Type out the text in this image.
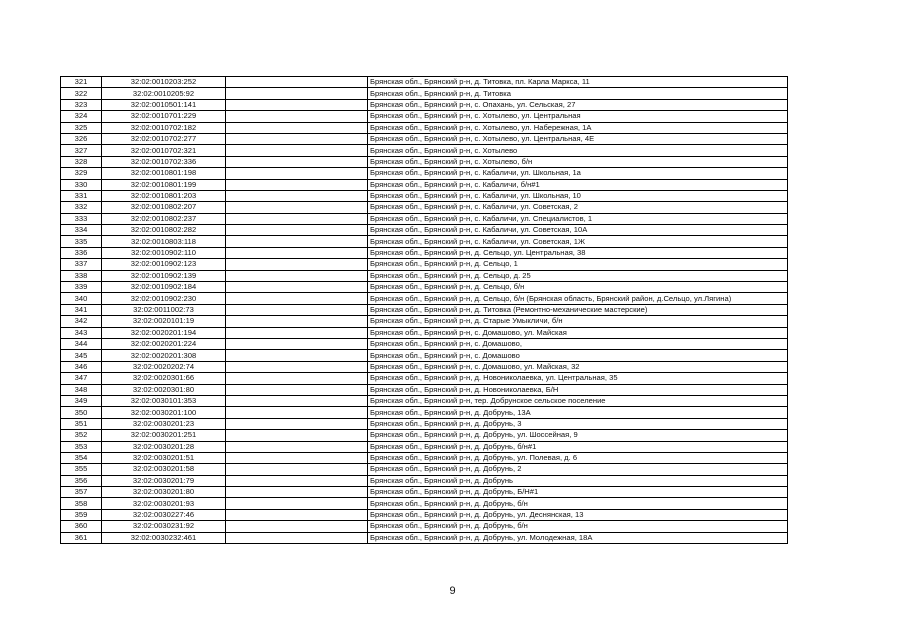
321	32:02:0010203:252		Брянская обл., Брянский р-н, д. Титовка, пл. Карла Маркса, 11
322	32:02:0010205:92		Брянская обл., Брянский р-н, д. Титовка
323	32:02:0010501:141		Брянская обл., Брянский р-н, с. Опахань, ул. Сельская, 27
324	32:02:0010701:229		Брянская обл., Брянский р-н, с. Хотылево, ул. Центральная
325	32:02:0010702:182		Брянская обл., Брянский р-н, с. Хотылево, ул. Набережная, 1А
326	32:02:0010702:277		Брянская обл., Брянский р-н, с. Хотылево, ул. Центральная, 4Е
327	32:02:0010702:321		Брянская обл., Брянский р-н, с. Хотылево
328	32:02:0010702:336		Брянская обл., Брянский р-н, с. Хотылево, б/н
329	32:02:0010801:198		Брянская обл., Брянский р-н, с. Кабаличи, ул. Школьная, 1а
330	32:02:0010801:199		Брянская обл., Брянский р-н, с. Кабаличи, б/н#1
331	32:02:0010801:203		Брянская обл., Брянский р-н, с. Кабаличи, ул. Школьная, 10
332	32:02:0010802:207		Брянская обл., Брянский р-н, с. Кабаличи, ул. Советская, 2
333	32:02:0010802:237		Брянская обл., Брянский р-н, с. Кабаличи, ул. Специалистов, 1
334	32:02:0010802:282		Брянская обл., Брянский р-н, с. Кабаличи, ул. Советская, 10А
335	32:02:0010803:118		Брянская обл., Брянский р-н, с. Кабаличи, ул. Советская, 1Ж
336	32:02:0010902:110		Брянская обл., Брянский р-н, д. Сельцо, ул. Центральная, 38
337	32:02:0010902:123		Брянская обл., Брянский р-н, д. Сельцо, 1
338	32:02:0010902:139		Брянская обл., Брянский р-н, д. Сельцо, д. 25
339	32:02:0010902:184		Брянская обл., Брянский р-н, д. Сельцо, б/н
340	32:02:0010902:230		Брянская обл., Брянский р-н, д. Сельцо, б/н (Брянская область, Брянский район, д.Сельцо, ул.Лягина)
341	32:02:0011002:73		Брянская обл., Брянский р-н, д. Титовка (Ремонтно-механические мастерские)
342	32:02:0020101:19		Брянская обл., Брянский р-н, д. Старые Умыкличи, б/н
343	32:02:0020201:194		Брянская обл., Брянский р-н, с. Домашово, ул. Майская
344	32:02:0020201:224		Брянская обл., Брянский р-н, с. Домашово,
345	32:02:0020201:308		Брянская обл., Брянский р-н, с. Домашово
346	32:02:0020202:74		Брянская обл., Брянский р-н, с. Домашово, ул. Майская, 32
347	32:02:0020301:66		Брянская обл., Брянский р-н, д. Новониколаевка, ул. Центральная, 35
348	32:02:0020301:80		Брянская обл., Брянский р-н, д. Новониколаевка, Б/Н
349	32:02:0030101:353		Брянская обл., Брянский р-н, тер. Добрунское сельское поселение
350	32:02:0030201:100		Брянская обл., Брянский р-н, д. Добрунь, 13А
351	32:02:0030201:23		Брянская обл., Брянский р-н, д. Добрунь, 3
352	32:02:0030201:251		Брянская обл., Брянский р-н, д. Добрунь, ул. Шоссейная, 9
353	32:02:0030201:28		Брянская обл., Брянский р-н, д. Добрунь, б/н#1
354	32:02:0030201:51		Брянская обл., Брянский р-н, д. Добрунь, ул. Полевая, д. 6
355	32:02:0030201:58		Брянская обл., Брянский р-н, д. Добрунь, 2
356	32:02:0030201:79		Брянская обл., Брянский р-н, д. Добрунь
357	32:02:0030201:80		Брянская обл., Брянский р-н, д. Добрунь, Б/Н#1
358	32:02:0030201:93		Брянская обл., Брянский р-н, д. Добрунь, б/н
359	32:02:0030227:46		Брянская обл., Брянский р-н, д. Добрунь, ул. Деснянская, 13
360	32:02:0030231:92		Брянская обл., Брянский р-н, д. Добрунь, б/н
361	32:02:0030232:461		Брянская обл., Брянский р-н, д. Добрунь, ул. Молодежная, 18А
9
